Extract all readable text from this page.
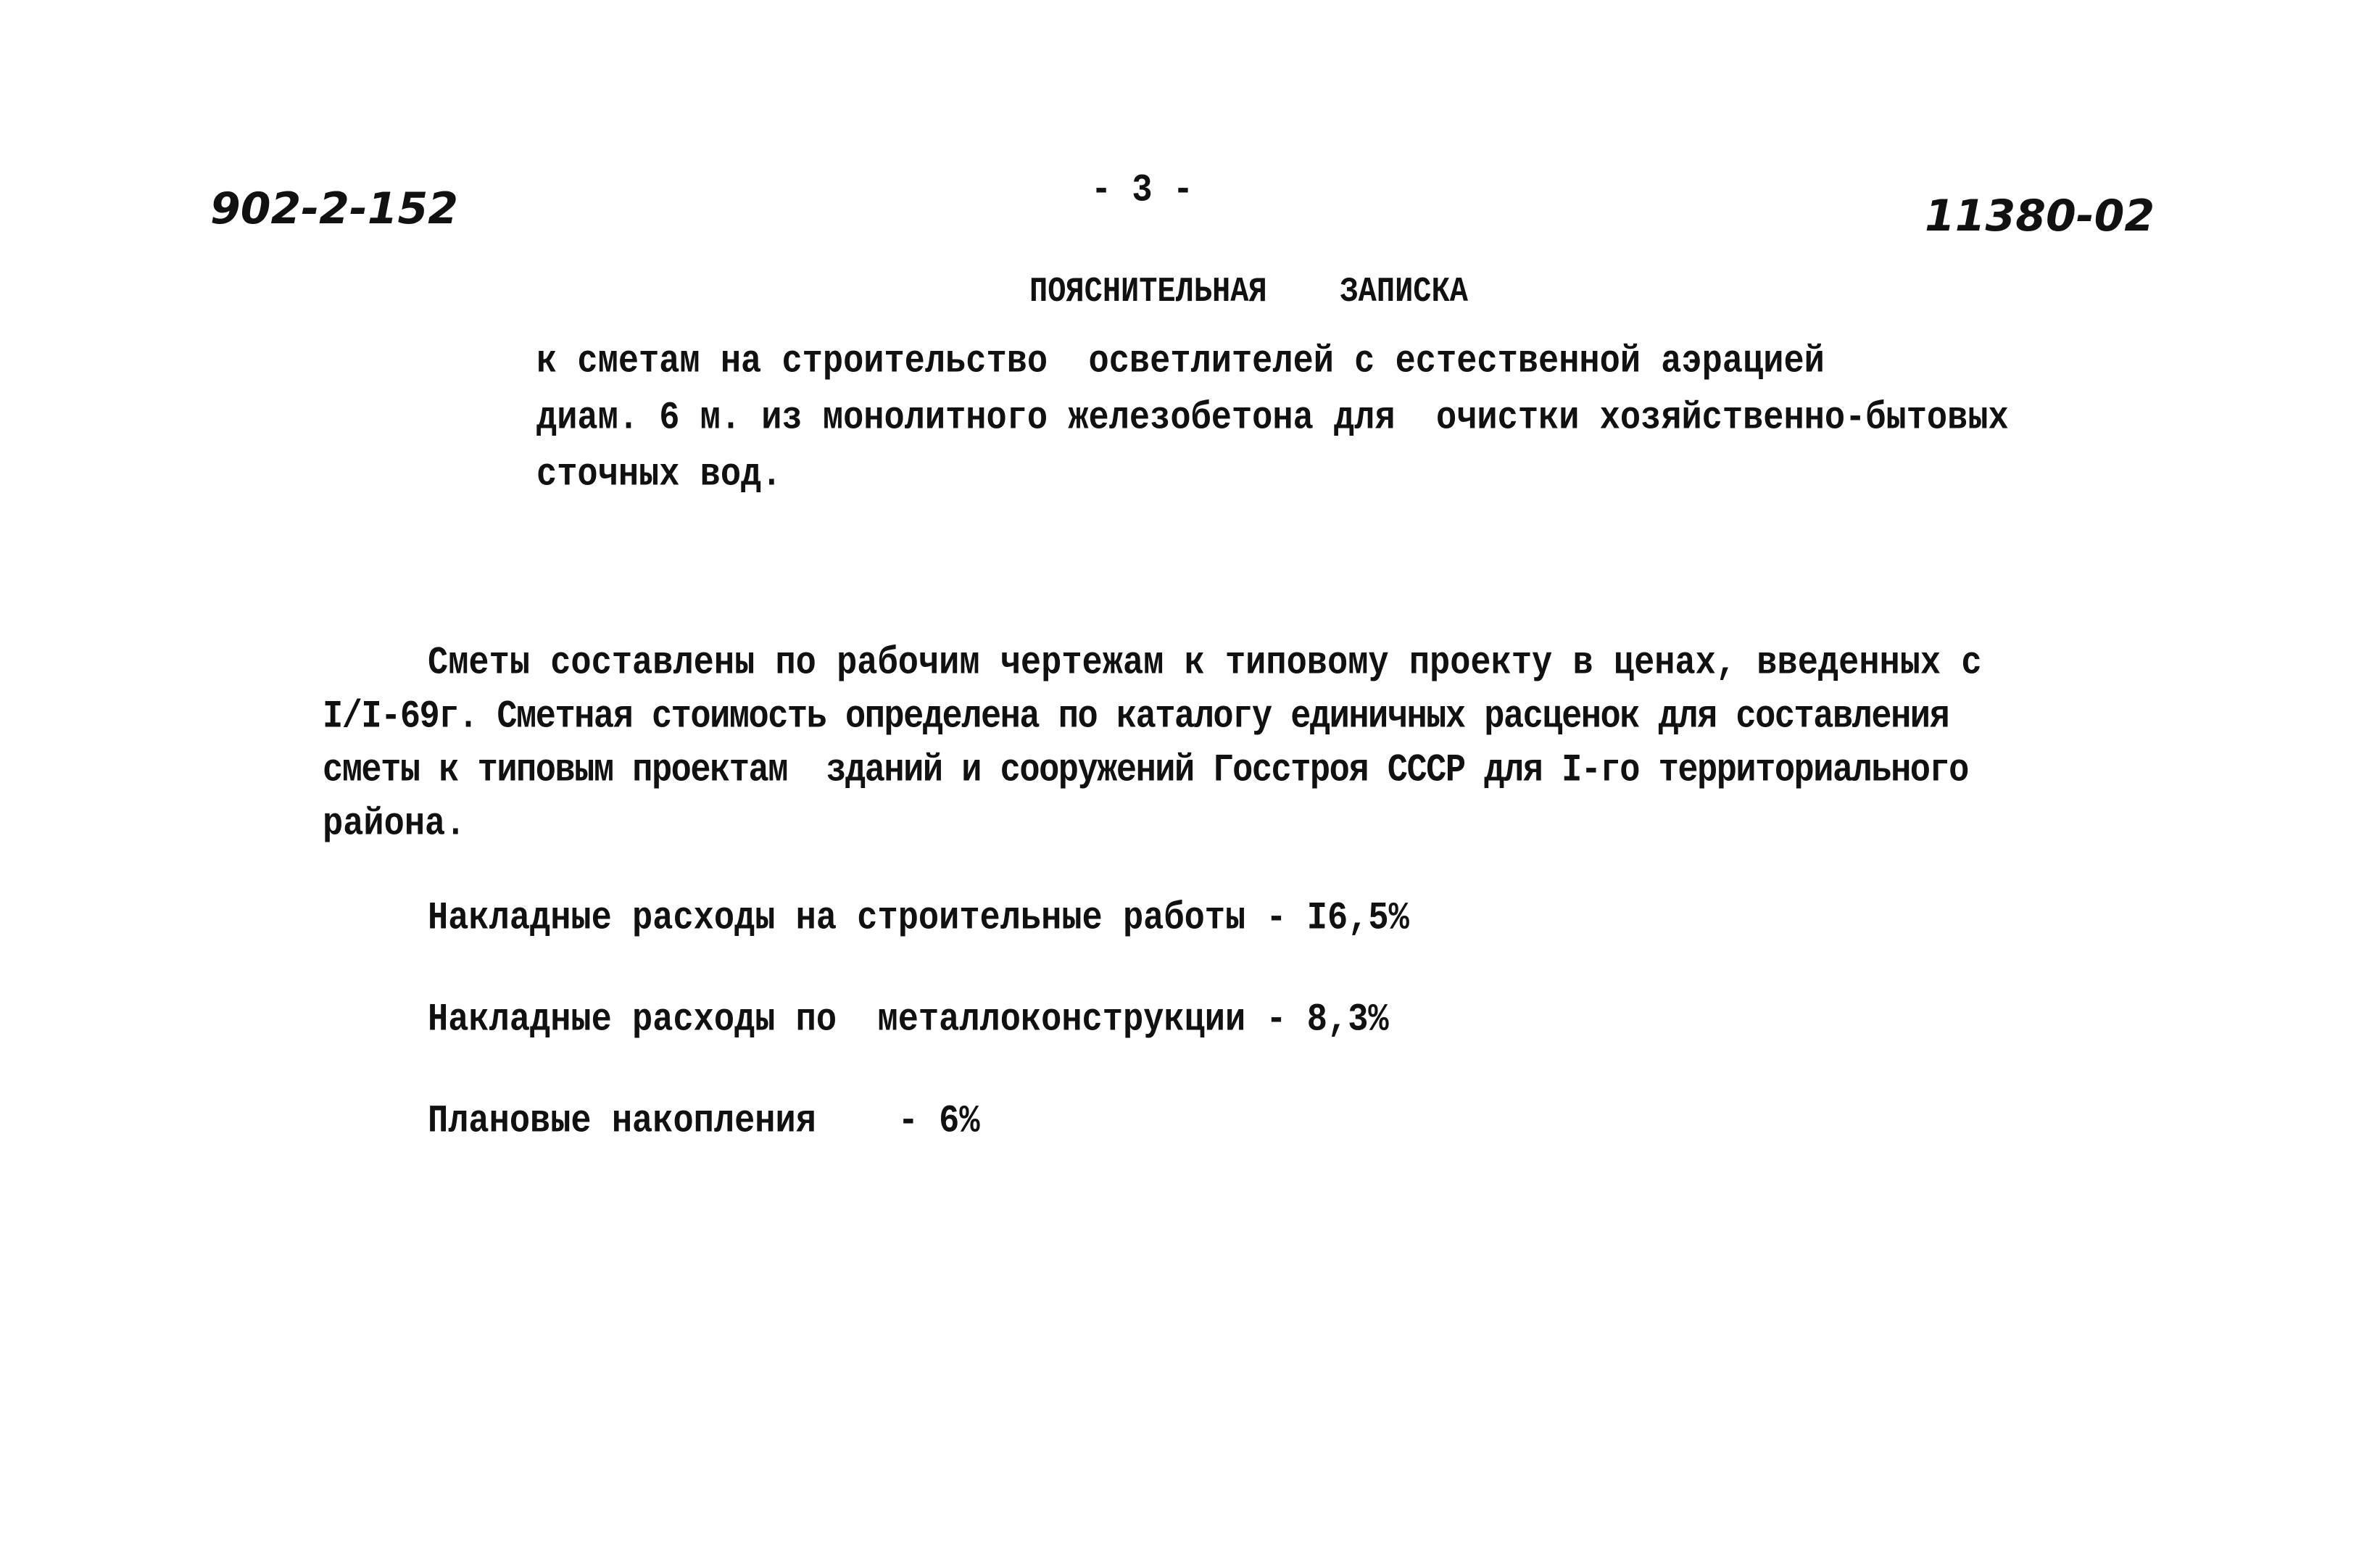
902-2-152	- 3 -	11380-02
ПОЯСНИТЕЛЬНАЯ    ЗАПИСКА
к сметам на строительство  осветлителей с естественной аэрацией
диам. 6 м. из монолитного железобетона для  очистки хозяйственно-бытовых
сточных вод.
Сметы составлены по рабочим чертежам к типовому проекту в ценах, введенных с
I/I-69г. Сметная стоимость определена по каталогу единичных расценок для составления
сметы к типовым проектам  зданий и сооружений Госстроя СССР для I-го территориального
района.
Накладные расходы на строительные работы - I6,5%
Накладные расходы по  металлоконструкции - 8,3%
Плановые накопления    - 6%
